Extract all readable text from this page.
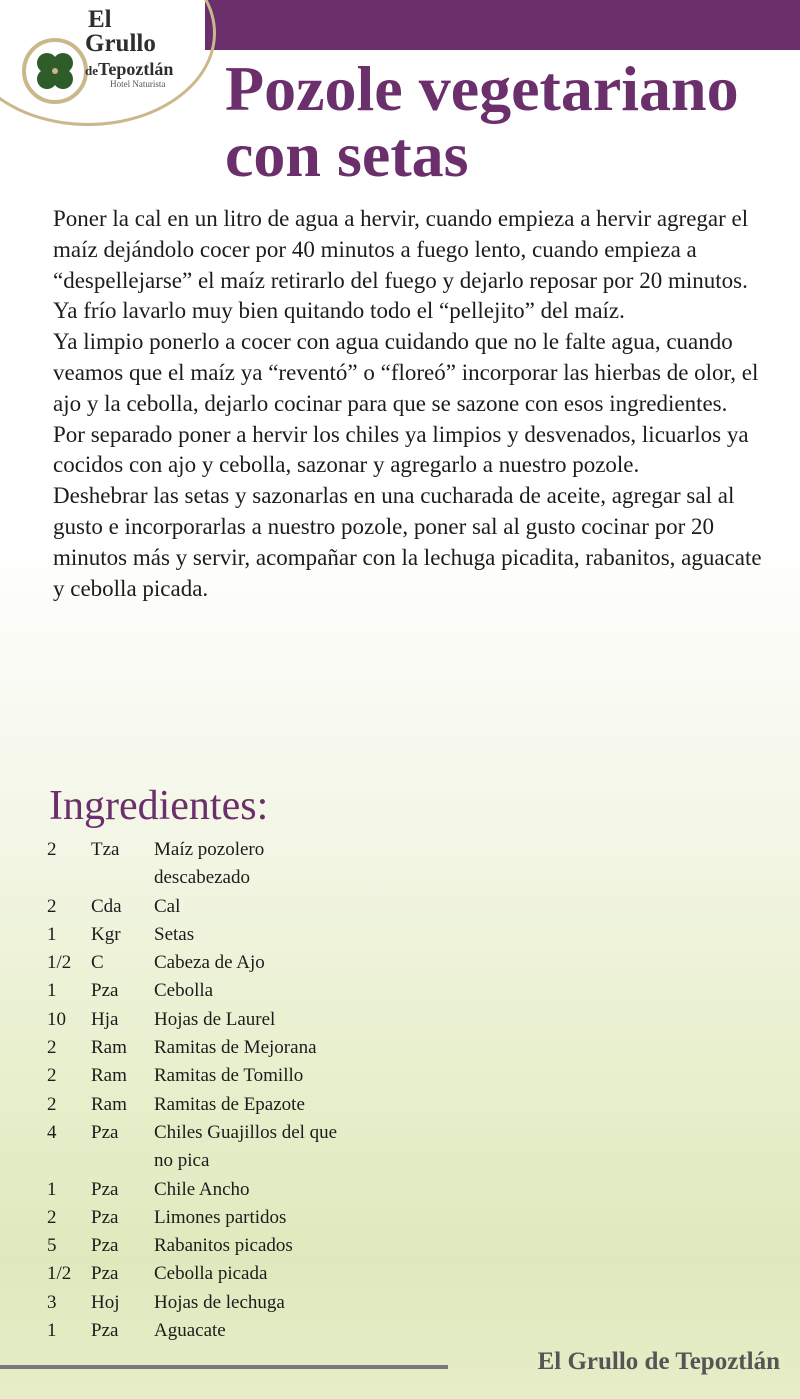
El
Grullo
deTepoztlán
Hotel Naturista Pozole vegetariano con setas

Poner la cal en un litro de agua a hervir, cuando empieza a hervir agregar el maíz dejándolo cocer por 40 minutos a fuego lento, cuando empieza a “despellejarse” el maíz retirarlo del fuego y dejarlo reposar por 20 minutos.

Ya frío lavarlo muy bien quitando todo el “pellejito” del maíz.

Ya limpio ponerlo a cocer con agua cuidando que no le falte agua, cuando veamos que el maíz ya “reventó” o “floreó” incorporar las hierbas de olor, el ajo y la cebolla, dejarlo cocinar para que se sazone con esos ingredientes.

Por separado poner a hervir los chiles ya limpios y desvenados, licuarlos ya cocidos con ajo y cebolla, sazonar y agregarlo a nuestro pozole.

Deshebrar las setas y sazonarlas en una cucharada de aceite, agregar sal al gusto e incorporarlas a nuestro pozole, poner sal al gusto cocinar por 20 minutos más y servir, acompañar con la lechuga picadita, rabanitos, aguacate y cebolla picada.

Ingredientes:
2	Tza	Maíz pozolero descabezado
2	Cda	Cal
1	Kgr	Setas
1/2	C	Cabeza de Ajo
1	Pza	Cebolla
10	Hja	Hojas de Laurel
2	Ram	Ramitas de Mejorana
2	Ram	Ramitas de Tomillo
2	Ram	Ramitas de Epazote
4	Pza	Chiles Guajillos del que no pica
1	Pza	Chile Ancho
2	Pza	Limones partidos
5	Pza	Rabanitos picados
1/2	Pza	Cebolla picada
3	Hoj	Hojas de lechuga
1	Pza	Aguacate
El Grullo de Tepoztlán
